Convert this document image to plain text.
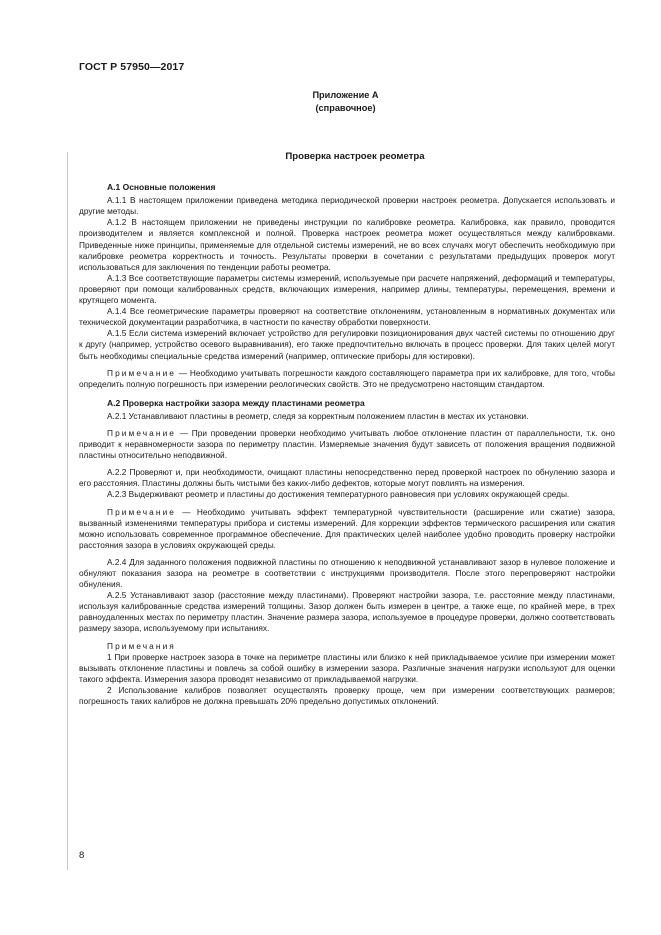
ГОСТ Р 57950—2017
Приложение А
(справочное)
Проверка настроек реометра
А.1 Основные положения

А.1.1 В настоящем приложении приведена методика периодической проверки настроек реометра. Допускается использовать и другие методы.

А.1.2 В настоящем приложении не приведены инструкции по калибровке реометра. Калибровка, как правило, проводится производителем и является комплексной и полной. Проверка настроек реометра может осуществляться между калибровками. Приведенные ниже принципы, применяемые для отдельной системы измерений, не во всех случаях могут обеспечить необходимую при калибровке реометра корректность и точность. Результаты проверки в сочетании с результатами предыдущих проверок могут использоваться для заключения по тенденции работы реометра.

А.1.3 Все соответствующие параметры системы измерений, используемые при расчете напряжений, деформаций и температуры, проверяют при помощи калиброванных средств, включающих измерения, например длины, температуры, перемещения, времени и крутящего момента.

А.1.4 Все геометрические параметры проверяют на соответствие отклонениям, установленным в нормативных документах или технической документации разработчика, в частности по качеству обработки поверхности.

А.1.5 Если система измерений включает устройство для регулировки позиционирования двух частей системы по отношению друг к другу (например, устройство осевого выравнивания), его также предпочтительно включать в процесс проверки. Для таких целей могут быть необходимы специальные средства измерений (например, оптические приборы для юстировки).

Примечание — Необходимо учитывать погрешности каждого составляющего параметра при их калибровке, для того, чтобы определить полную погрешность при измерении реологических свойств. Это не предусмотрено настоящим стандартом.

А.2 Проверка настройки зазора между пластинами реометра

А.2.1 Устанавливают пластины в реометр, следя за корректным положением пластин в местах их установки.

Примечание — При проведении проверки необходимо учитывать любое отклонение пластин от параллельности, т.к. оно приводит к неравномерности зазора по периметру пластин. Измеряемые значения будут зависеть от положения вращения подвижной пластины относительно неподвижной.

А.2.2 Проверяют и, при необходимости, очищают пластины непосредственно перед проверкой настроек по обнулению зазора и его расстояния. Пластины должны быть чистыми без каких-либо дефектов, которые могут повлиять на измерения.

А.2.3 Выдерживают реометр и пластины до достижения температурного равновесия при условиях окружающей среды.

Примечание — Необходимо учитывать эффект температурной чувствительности (расширение или сжатие) зазора, вызванный изменениями температуры прибора и системы измерений. Для коррекции эффектов термического расширения или сжатия можно использовать современное программное обеспечение. Для практических целей наиболее удобно проводить проверку настройки расстояния зазора в условиях окружающей среды.

А.2.4 Для заданного положения подвижной пластины по отношению к неподвижной устанавливают зазор в нулевое положение и обнуляют показания зазора на реометре в соответствии с инструкциями производителя. После этого перепроверяют настройки обнуления.

А.2.5 Устанавливают зазор (расстояние между пластинами). Проверяют настройки зазора, т.е. расстояние между пластинами, используя калиброванные средства измерений толщины. Зазор должен быть измерен в центре, а также еще, по крайней мере, в трех равноудаленных местах по периметру пластин. Значение размера зазора, используемое в процедуре проверки, должно соответствовать размеру зазора, используемому при испытаниях.

Примечания

1 При проверке настроек зазора в точке на периметре пластины или близко к ней прикладываемое усилие при измерении может вызывать отклонение пластины и повлечь за собой ошибку в измерении зазора. Различные значения нагрузки используют для оценки такого эффекта. Измерения зазора проводят независимо от прикладываемой нагрузки.

2 Использование калибров позволяет осуществлять проверку проще, чем при измерении соответствующих размеров; погрешность таких калибров не должна превышать 20% предельно допустимых отклонений.

8
